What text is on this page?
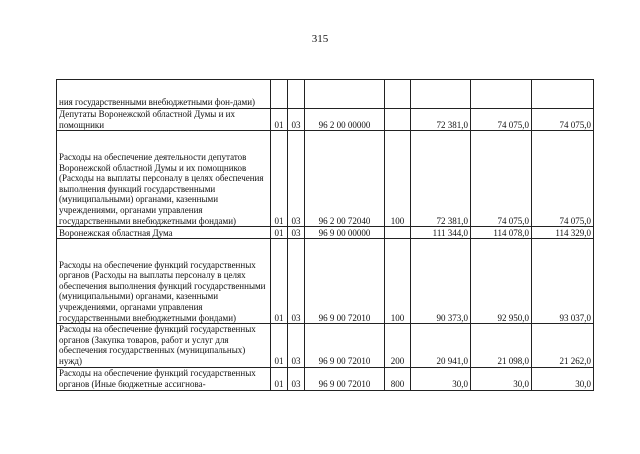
315
ния государственными внебюджетными фон-дами)							

Депутаты Воронежской областной Думы и их помощники	01	03	96 2 00 00000		72 381,0	74 075,0	74 075,0

Расходы на обеспечение деятельности депутатов Воронежской областной Думы и их помощников (Расходы на выплаты персоналу в целях обеспечения выполнения функций государственными (муниципальными) органами, казенными учреждениями, органами управления государственными внебюджетными фондами)	01	03	96 2 00 72040	100	72 381,0	74 075,0	74 075,0

Воронежская областная Дума	01	03	96 9 00 00000		111 344,0	114 078,0	114 329,0

Расходы на обеспечение функций государственных органов (Расходы на выплаты персоналу в целях обеспечения выполнения функций государственными (муниципальными) органами, казенными учреждениями, органами управления государственными внебюджетными фондами)	01	03	96 9 00 72010	100	90 373,0	92 950,0	93 037,0

Расходы на обеспечение функций государственных органов (Закупка товаров, работ и услуг для обеспечения государственных (муниципальных) нужд)	01	03	96 9 00 72010	200	20 941,0	21 098,0	21 262,0

Расходы на обеспечение функций государственных органов (Иные бюджетные ассигнова-	01	03	96 9 00 72010	800	30,0	30,0	30,0
